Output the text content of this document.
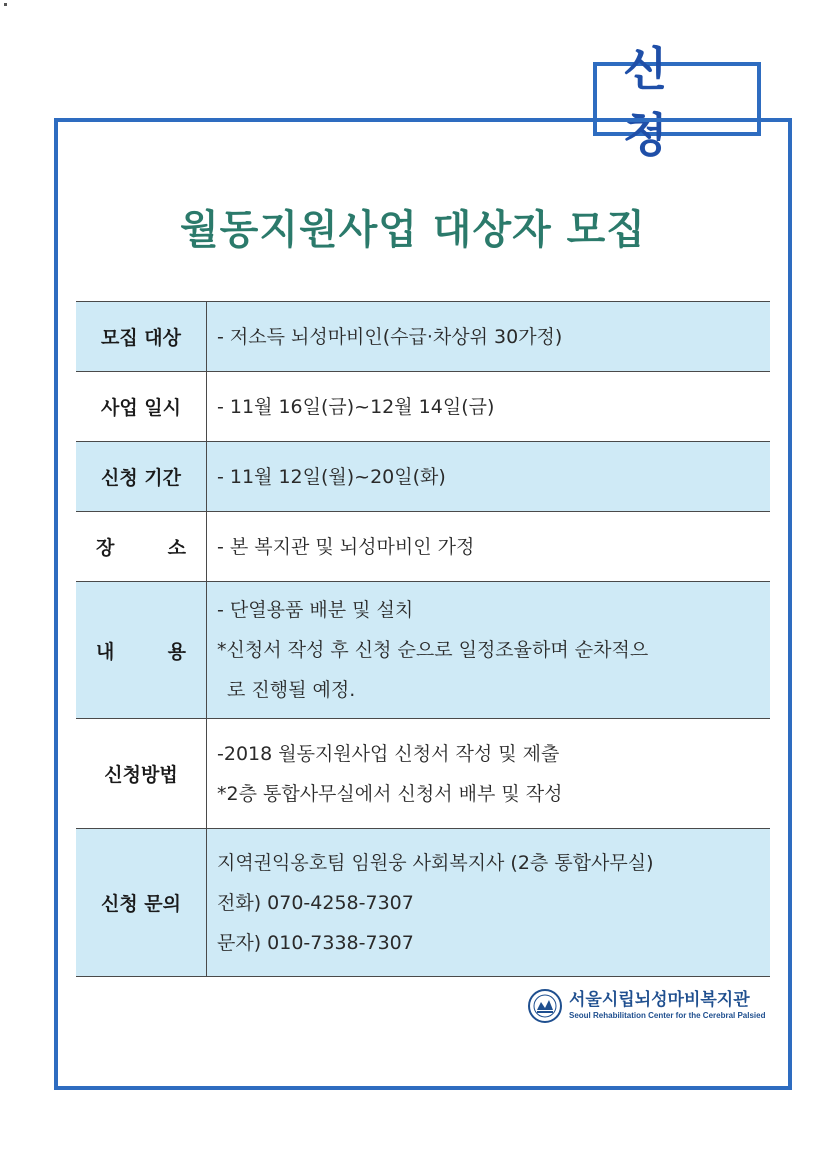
신 청
월동지원사업 대상자 모집
모집 대상	- 저소득 뇌성마비인(수급·차상위 30가정)

사업 일시	- 11월 16일(금)~12월 14일(금)

신청 기간	- 11월 12일(월)~20일(화)

장 소	- 본 복지관 및 뇌성마비인 가정

내 용	- 단열용품 배분 및 설치
*신청서 작성 후 신청 순으로 일정조율하며 순차적으
로 진행될 예정.

신청방법	-2018 월동지원사업 신청서 작성 및 제출
*2층 통합사무실에서 신청서 배부 및 작성

신청 문의	지역권익옹호팀 임원웅 사회복지사 (2층 통합사무실)
전화) 070-4258-7307
문자) 010-7338-7307
서울시립뇌성마비복지관
Seoul Rehabilitation Center for the Cerebral Palsied
